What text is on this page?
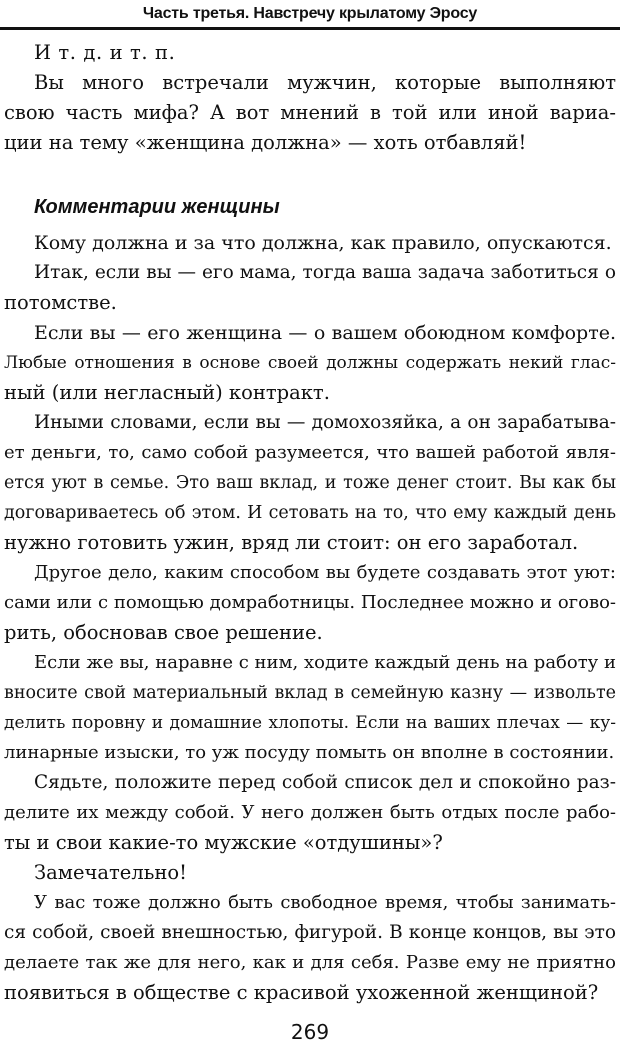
Часть третья. Навстречу крылатому Эросу
И т. д. и т. п.
Вы много встречали мужчин, которые выполняют
свою часть мифа? А вот мнений в той или иной вариа-
ции на тему «женщина должна» — хоть отбавляй!
Комментарии женщины
Кому должна и за что должна, как правило, опускаются.
Итак, если вы — его мама, тогда ваша задача заботиться о
потомстве.
Если вы — его женщина — о вашем обоюдном комфорте.
Любые отношения в основе своей должны содержать некий глас-
ный (или негласный) контракт.
Иными словами, если вы — домохозяйка, а он зарабатыва-
ет деньги, то, само собой разумеется, что вашей работой явля-
ется уют в семье. Это ваш вклад, и тоже денег стоит. Вы как бы
договариваетесь об этом. И сетовать на то, что ему каждый день
нужно готовить ужин, вряд ли стоит: он его заработал.
Другое дело, каким способом вы будете создавать этот уют:
сами или с помощью домработницы. Последнее можно и огово-
рить, обосновав свое решение.
Если же вы, наравне с ним, ходите каждый день на работу и
вносите свой материальный вклад в семейную казну — извольте
делить поровну и домашние хлопоты. Если на ваших плечах — ку-
линарные изыски, то уж посуду помыть он вполне в состоянии.
Сядьте, положите перед собой список дел и спокойно раз-
делите их между собой. У него должен быть отдых после рабо-
ты и свои какие-то мужские «отдушины»?
Замечательно!
У вас тоже должно быть свободное время, чтобы занимать-
ся собой, своей внешностью, фигурой. В конце концов, вы это
делаете так же для него, как и для себя. Разве ему не приятно
появиться в обществе с красивой ухоженной женщиной?
269
